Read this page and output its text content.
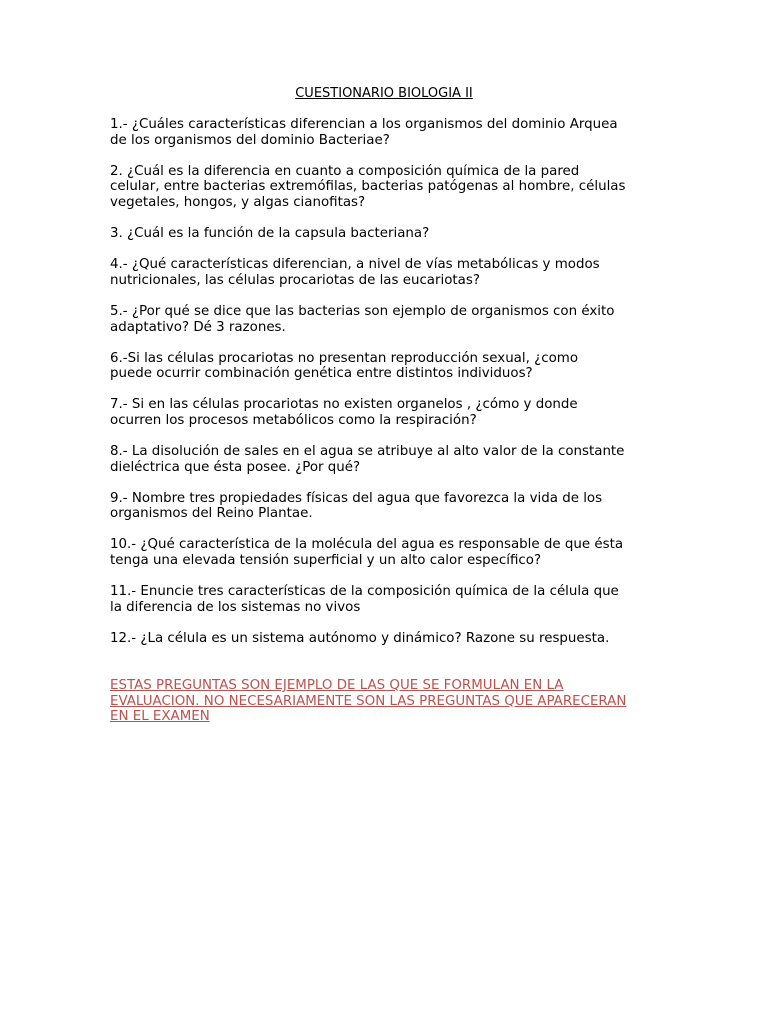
CUESTIONARIO BIOLOGIA II
1.- ¿Cuáles características diferencian a los organismos del dominio Arquea
de los organismos del dominio Bacteriae?
2. ¿Cuál es la diferencia en cuanto a composición química de la pared
celular, entre bacterias extremófilas, bacterias patógenas al hombre, células
vegetales, hongos, y algas cianofitas?
3. ¿Cuál es la función de la capsula bacteriana?
4.- ¿Qué características diferencian, a nivel de vías metabólicas y modos
nutricionales, las células procariotas de las eucariotas?
5.- ¿Por qué se dice que las bacterias son ejemplo de organismos con éxito
adaptativo? Dé 3 razones.
6.-Si las células procariotas no presentan reproducción sexual, ¿como
puede ocurrir combinación genética entre distintos individuos?
7.- Si en las células procariotas no existen organelos , ¿cómo y donde
ocurren los procesos metabólicos como la respiración?
8.- La disolución de sales en el agua se atribuye al alto valor de la constante
dieléctrica que ésta posee. ¿Por qué?
9.- Nombre tres propiedades físicas del agua que favorezca la vida de los
organismos del Reino Plantae.
10.- ¿Qué característica de la molécula del agua es responsable de que ésta
tenga una elevada tensión superficial y un alto calor específico?
11.- Enuncie tres características de la composición química de la célula que
la diferencia de los sistemas no vivos
12.- ¿La célula es un sistema autónomo y dinámico? Razone su respuesta.
ESTAS PREGUNTAS SON EJEMPLO DE LAS QUE SE FORMULAN EN LA
EVALUACION. NO NECESARIAMENTE SON LAS PREGUNTAS QUE APARECERAN
EN EL EXAMEN
